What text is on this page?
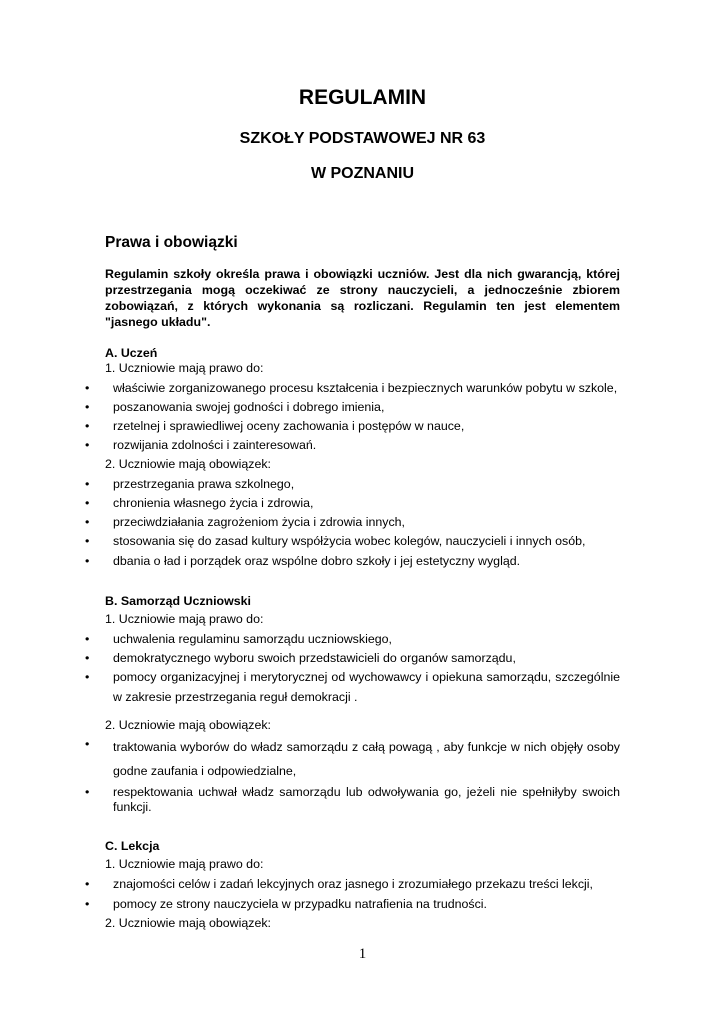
REGULAMIN
SZKOŁY PODSTAWOWEJ NR 63
W POZNANIU
Prawa i obowiązki
Regulamin szkoły określa prawa i obowiązki uczniów. Jest dla nich gwarancją, której przestrzegania mogą oczekiwać ze strony nauczycieli, a jednocześnie zbiorem zobowiązań, z których wykonania są rozliczani. Regulamin ten jest elementem "jasnego układu".
A. Uczeń
1. Uczniowie mają prawo do:
•	właściwie zorganizowanego procesu kształcenia i bezpiecznych warunków pobytu w szkole,
•	poszanowania swojej godności i dobrego imienia,
•	rzetelnej i sprawiedliwej oceny zachowania i postępów w nauce,
•	rozwijania zdolności i zainteresowań.
2. Uczniowie mają obowiązek:
•	przestrzegania prawa szkolnego,
•	chronienia własnego życia i zdrowia,
•	przeciwdziałania zagrożeniom życia i zdrowia innych,
•	stosowania się do zasad kultury współżycia wobec kolegów, nauczycieli i innych osób,
•	dbania o ład i porządek oraz wspólne dobro szkoły i jej estetyczny wygląd.
B. Samorząd Uczniowski
1. Uczniowie mają prawo do:
•	uchwalenia regulaminu samorządu uczniowskiego,
•	demokratycznego wyboru swoich przedstawicieli do organów samorządu,
•	pomocy organizacyjnej i merytorycznej od wychowawcy i opiekuna samorządu, szczególnie w zakresie przestrzegania reguł demokracji .
2. Uczniowie mają obowiązek:
•	traktowania wyborów do władz samorządu z całą powagą , aby funkcje w nich objęły osoby godne zaufania i odpowiedzialne,
•	respektowania uchwał władz samorządu lub odwoływania go, jeżeli nie spełniłyby swoich funkcji.
C. Lekcja
1. Uczniowie mają prawo do:
•	znajomości celów i zadań lekcyjnych oraz jasnego i zrozumiałego przekazu treści lekcji,
•	pomocy ze strony nauczyciela w przypadku natrafienia na trudności.
2. Uczniowie mają obowiązek:
1
